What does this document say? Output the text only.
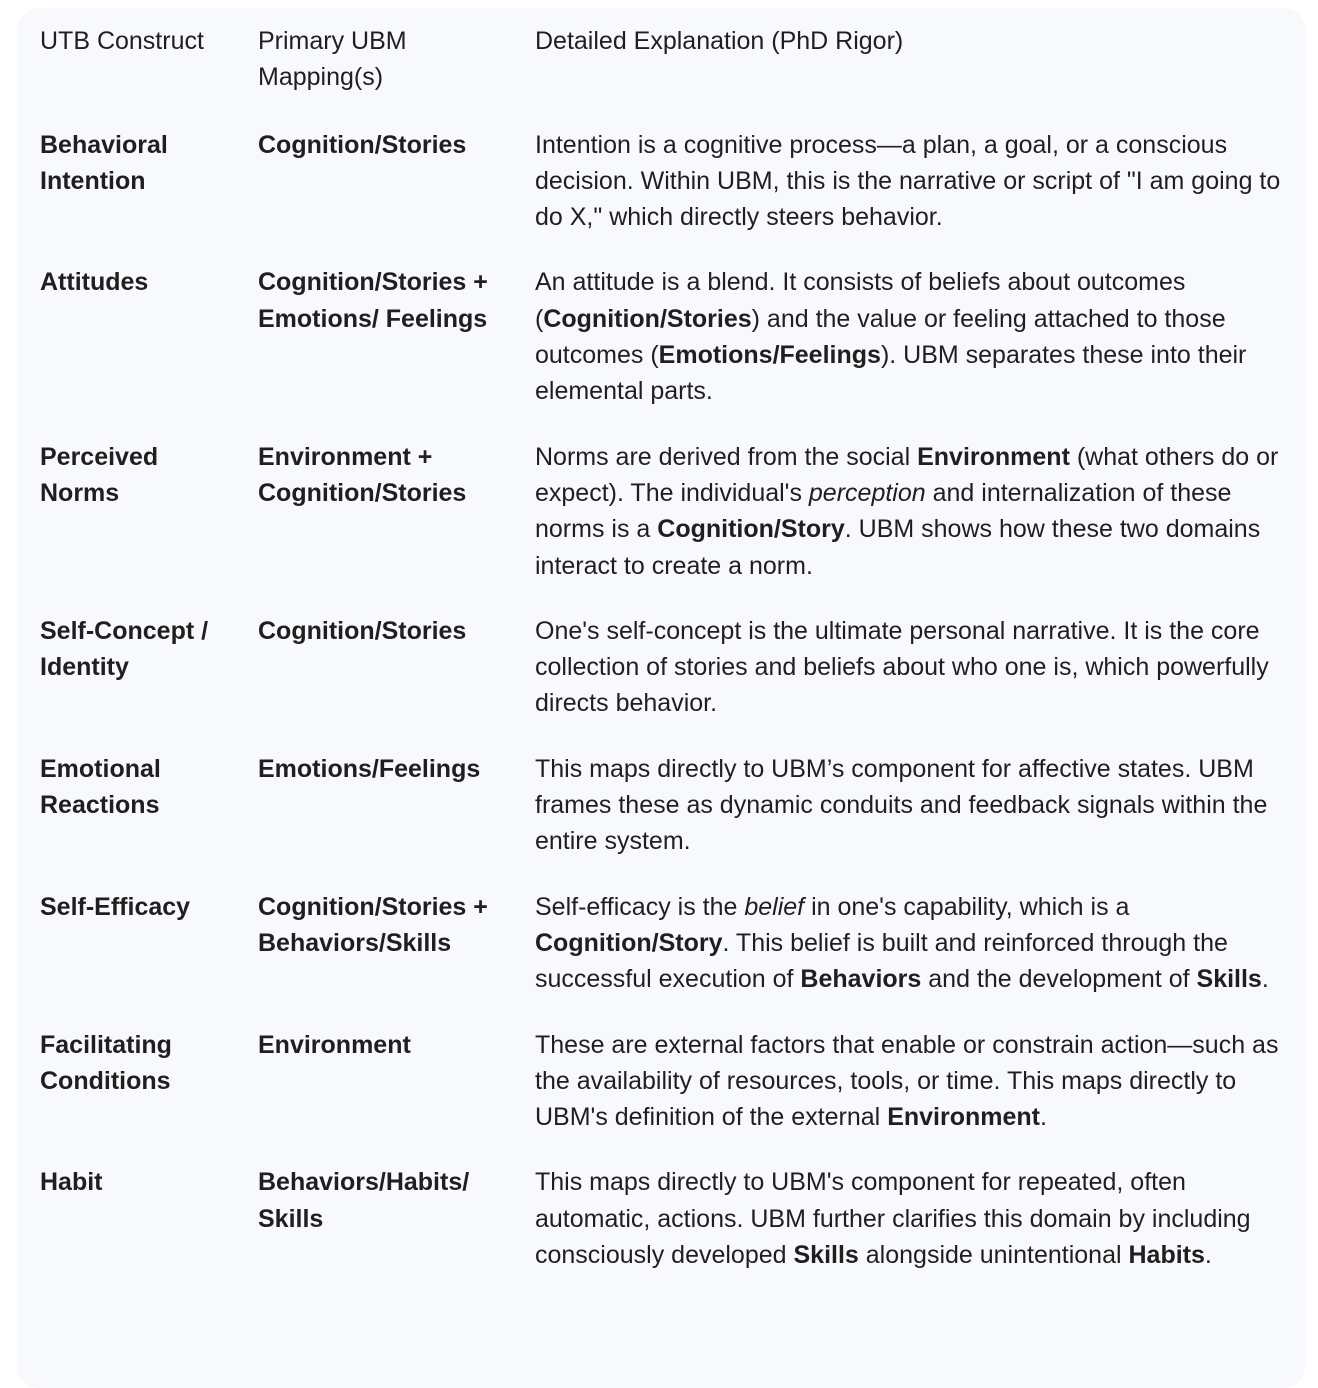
UTB Construct	Primary UBM Mapping(s)	Detailed Explanation (PhD Rigor)
Behavioral Intention	Cognition/Stories	Intention is a cognitive process—a plan, a goal, or a conscious decision. Within UBM, this is the narrative or script of "I am going to do X," which directly steers behavior.
Attitudes	Cognition/Stories + Emotions/ Feelings	An attitude is a blend. It consists of beliefs about outcomes (Cognition/Stories) and the value or feeling attached to those outcomes (Emotions/Feelings). UBM separates these into their elemental parts.
Perceived Norms	Environment + Cognition/Stories	Norms are derived from the social Environment (what others do or expect). The individual's perception and internalization of these norms is a Cognition/Story. UBM shows how these two domains interact to create a norm.
Self-Concept / Identity	Cognition/Stories	One's self-concept is the ultimate personal narrative. It is the core collection of stories and beliefs about who one is, which powerfully directs behavior.
Emotional Reactions	Emotions/Feelings	This maps directly to UBM’s component for affective states. UBM frames these as dynamic conduits and feedback signals within the entire system.
Self-Efficacy	Cognition/Stories + Behaviors/Skills	Self-efficacy is the belief in one's capability, which is a Cognition/Story. This belief is built and reinforced through the successful execution of Behaviors and the development of Skills.
Facilitating Conditions	Environment	These are external factors that enable or constrain action—such as the availability of resources, tools, or time. This maps directly to UBM's definition of the external Environment.
Habit	Behaviors/Habits/ Skills	This maps directly to UBM's component for repeated, often automatic, actions. UBM further clarifies this domain by including consciously developed Skills alongside unintentional Habits.
